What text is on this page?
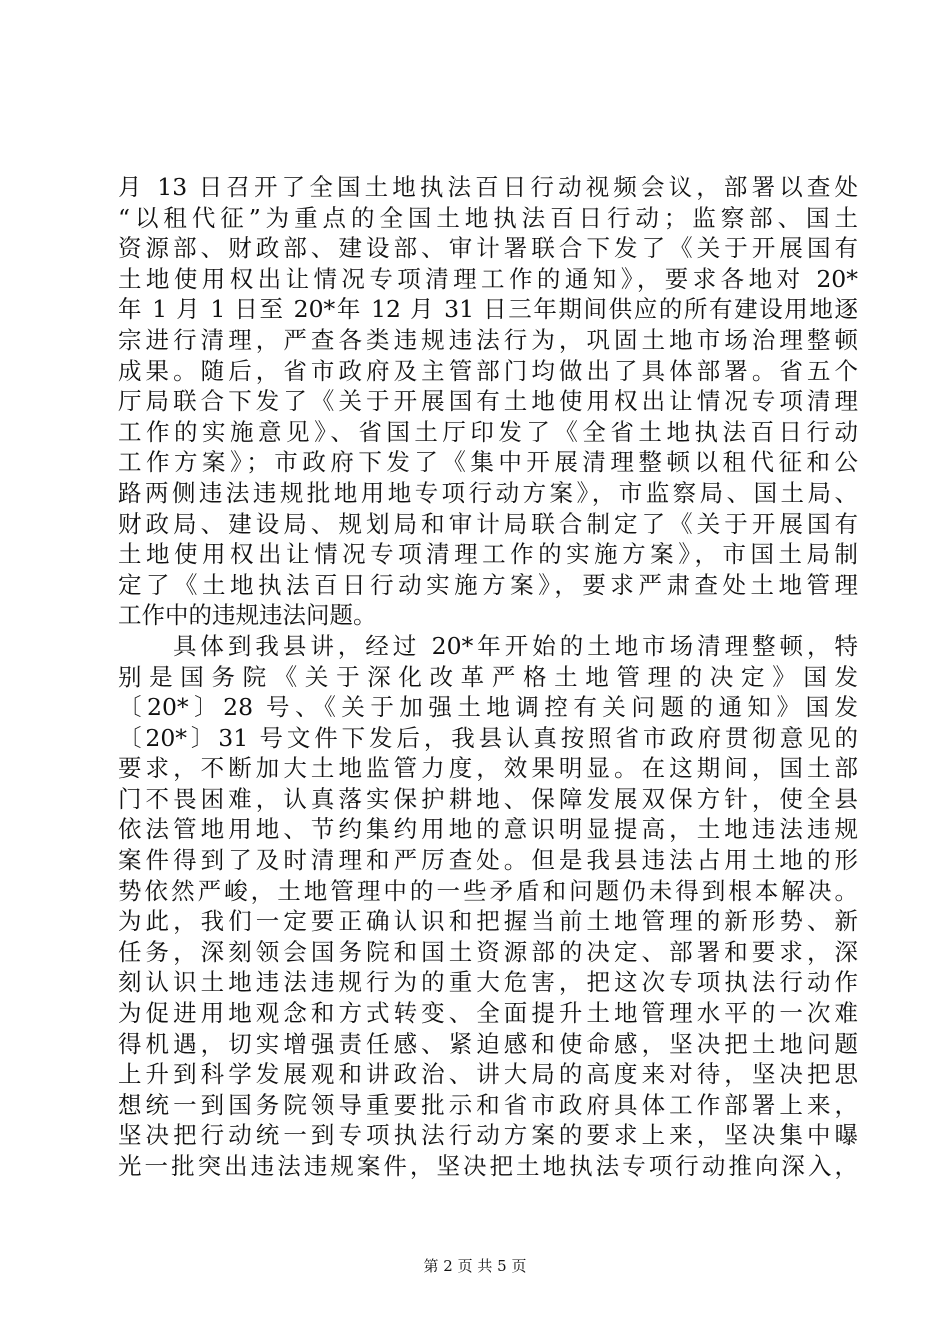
月 13 日召开了全国土地执法百日行动视频会议，部署以查处
“以租代征”为重点的全国土地执法百日行动；监察部、国土
资源部、财政部、建设部、审计署联合下发了《关于开展国有
土地使用权出让情况专项清理工作的通知》，要求各地对 20*
年 1 月 1 日至 20*年 12 月 31 日三年期间供应的所有建设用地逐
宗进行清理，严查各类违规违法行为，巩固土地市场治理整顿
成果。随后，省市政府及主管部门均做出了具体部署。省五个
厅局联合下发了《关于开展国有土地使用权出让情况专项清理
工作的实施意见》、省国土厅印发了《全省土地执法百日行动
工作方案》；市政府下发了《集中开展清理整顿以租代征和公
路两侧违法违规批地用地专项行动方案》，市监察局、国土局、
财政局、建设局、规划局和审计局联合制定了《关于开展国有
土地使用权出让情况专项清理工作的实施方案》，市国土局制
定了《土地执法百日行动实施方案》，要求严肃查处土地管理
工作中的违规违法问题。
　　具体到我县讲，经过 20*年开始的土地市场清理整顿，特
别是国务院《关于深化改革严格土地管理的决定》国发
〔20*〕28 号、《关于加强土地调控有关问题的通知》国发
〔20*〕31 号文件下发后，我县认真按照省市政府贯彻意见的
要求，不断加大土地监管力度，效果明显。在这期间，国土部
门不畏困难，认真落实保护耕地、保障发展双保方针，使全县
依法管地用地、节约集约用地的意识明显提高，土地违法违规
案件得到了及时清理和严厉查处。但是我县违法占用土地的形
势依然严峻，土地管理中的一些矛盾和问题仍未得到根本解决。
为此，我们一定要正确认识和把握当前土地管理的新形势、新
任务，深刻领会国务院和国土资源部的决定、部署和要求，深
刻认识土地违法违规行为的重大危害，把这次专项执法行动作
为促进用地观念和方式转变、全面提升土地管理水平的一次难
得机遇，切实增强责任感、紧迫感和使命感，坚决把土地问题
上升到科学发展观和讲政治、讲大局的高度来对待，坚决把思
想统一到国务院领导重要批示和省市政府具体工作部署上来，
坚决把行动统一到专项执法行动方案的要求上来，坚决集中曝
光一批突出违法违规案件，坚决把土地执法专项行动推向深入，
第 2 页 共 5 页
